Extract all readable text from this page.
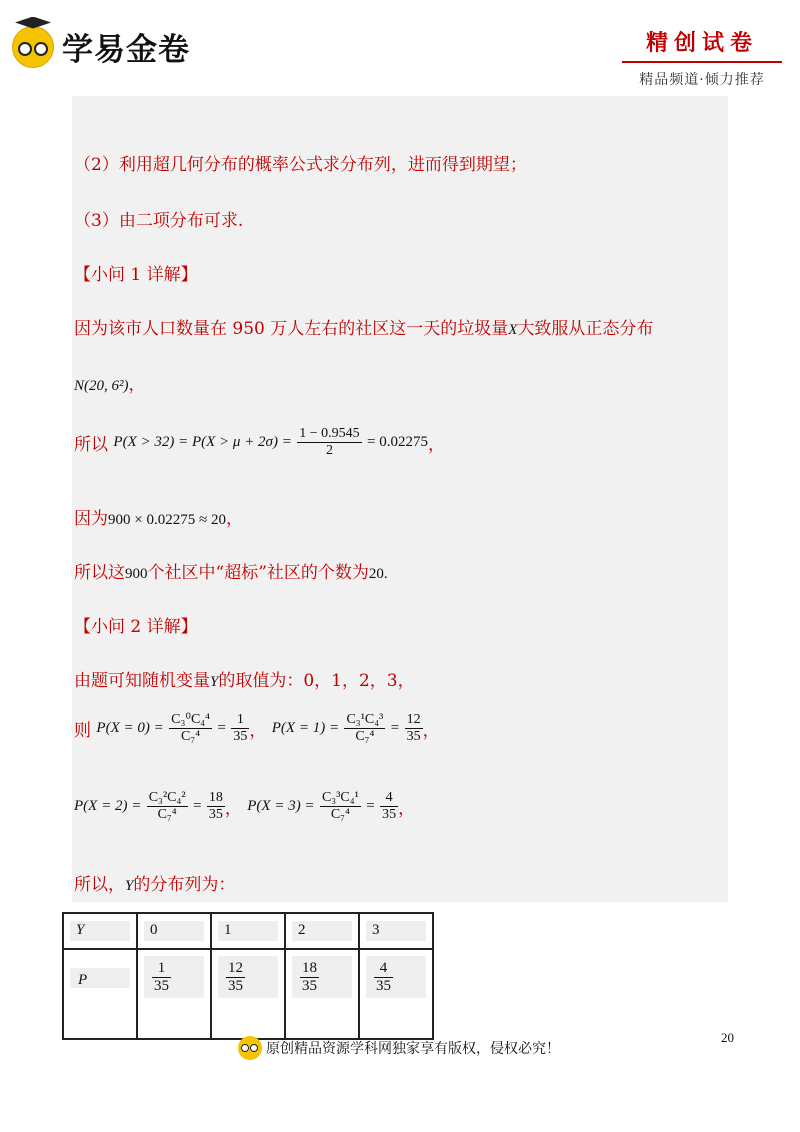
学易金卷	精创试卷
精品频道·倾力推荐
（2）利用超几何分布的概率公式求分布列，进而得到期望；
（3）由二项分布可求.
【小问 1 详解】
因为该市人口数量在 950 万人左右的社区这一天的垃圾量X大致服从正态分布
N(20, 6²)，
所以 $P(X > 32) = P(X > \mu + 2\sigma) = \frac{1 - 0.9545}{2} = 0.02275$，
因为900 × 0.02275 ≈ 20，
所以这900个社区中“超标”社区的个数为20.
【小问 2 详解】
由题可知随机变量Y的取值为：0，1，2，3，
则 $P(X = 0) = \frac{\text{C₃⁰C₄⁴}}{\text{C₇⁴}} = \frac{1}{35}$ ， $P(X = 1) = \frac{\text{C₃¹C₄³}}{\text{C₇⁴}} = \frac{12}{35}$ ，
$P(X = 2) = \frac{\text{C₃²C₄²}}{\text{C₇⁴}} = \frac{18}{35}$ ， $P(X = 3) = \frac{\text{C₃³C₄¹}}{\text{C₇⁴}} = \frac{4}{35}$ ，
所以，Y的分布列为：
Y	0	1	2	3

P	$\frac{1}{35}$	$\frac{12}{35}$	$\frac{18}{35}$	$\frac{4}{35}$
20
原创精品资源学科网独家享有版权，侵权必究！
